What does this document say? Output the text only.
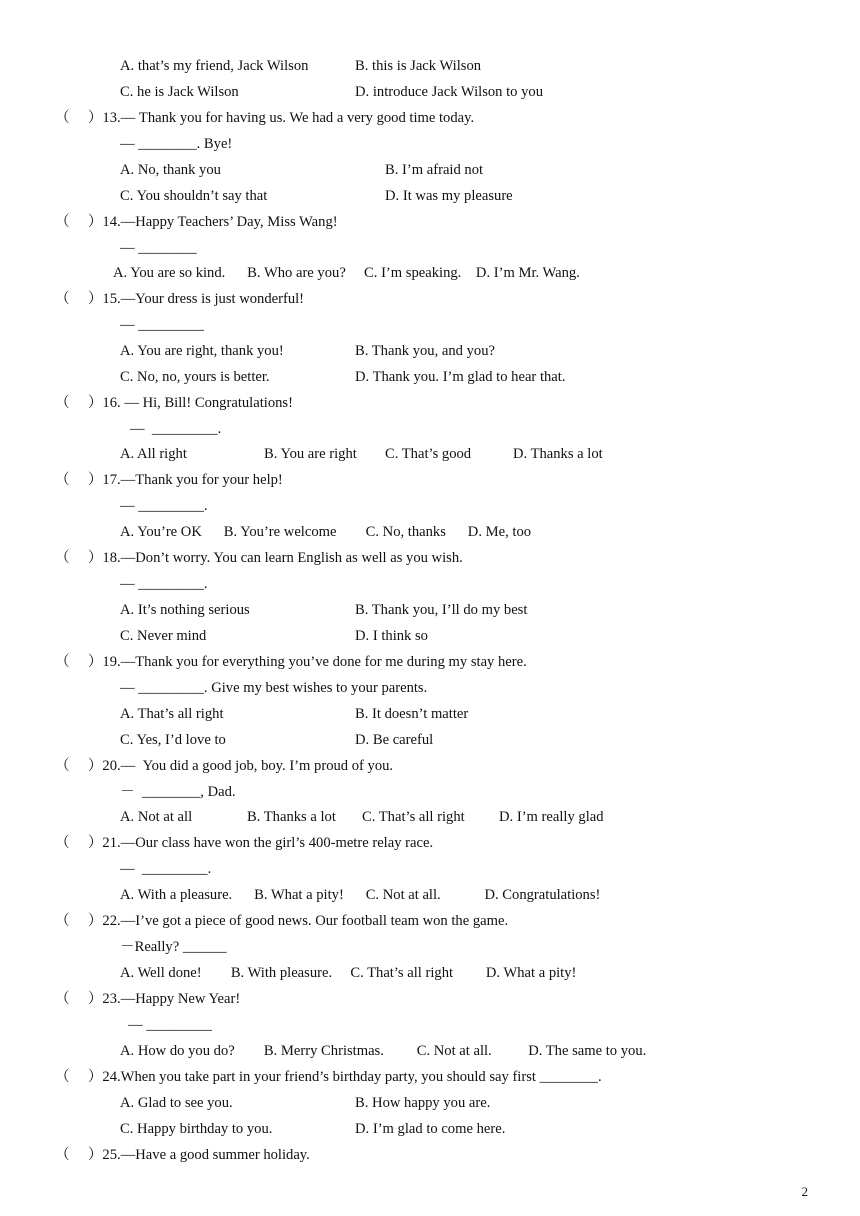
A. that’s my friend, Jack Wilson	B. this is Jack Wilson
C. he is Jack Wilson	D. introduce Jack Wilson to you
（　 ）13.— Thank you for having us. We had a very good time today.
— ________. Bye!
A. No, thank you	B. I’m afraid not
C. You shouldn’t say that	D. It was my pleasure
（　 ）14.—Happy Teachers’ Day, Miss Wang!
— ________
A. You are so kind.      B. Who are you?     C. I’m speaking.    D. I’m Mr. Wang.
（　 ）15.—Your dress is just wonderful!
— _________
A. You are right, thank you!	B. Thank you, and you?
C. No, no, yours is better.	D. Thank you. I’m glad to hear that.
（　 ）16. — Hi, Bill! Congratulations!
—  _________.
A. All right	B. You are right C. That’s good	D. Thanks a lot
（　 ）17.—Thank you for your help!
— _________.
A. You’re OK      B. You’re welcome        C. No, thanks      D. Me, too
（　 ）18.—Don’t worry. You can learn English as well as you wish.
— _________.
A. It’s nothing serious	B. Thank you, I’ll do my best
C. Never mind	D. I think so
（　 ）19.—Thank you for everything you’ve done for me during my stay here.
— _________. Give my best wishes to your parents.
A. That’s all right	B. It doesn’t matter
C. Yes, I’d love to	D. Be careful
（　 ）20.—  You did a good job, boy. I’m proud of you.
－  ________, Dad.
A. Not at all	B. Thanks a lot C. That’s all right D. I’m really glad
（　 ）21.—Our class have won the girl’s 400-metre relay race.
—  _________.
A. With a pleasure.      B. What a pity!      C. Not at all.            D. Congratulations!
（　 ）22.—I’ve got a piece of good news. Our football team won the game.
－Really? ______
A. Well done!        B. With pleasure.     C. That’s all right         D. What a pity!
（　 ）23.—Happy New Year!
— _________
A. How do you do?        B. Merry Christmas.         C. Not at all.          D. The same to you.
（　 ）24.When you take part in your friend’s birthday party, you should say first ________.
A. Glad to see you.	B. How happy you are.
C. Happy birthday to you.	D. I’m glad to come here.
（　 ）25.—Have a good summer holiday.
2
